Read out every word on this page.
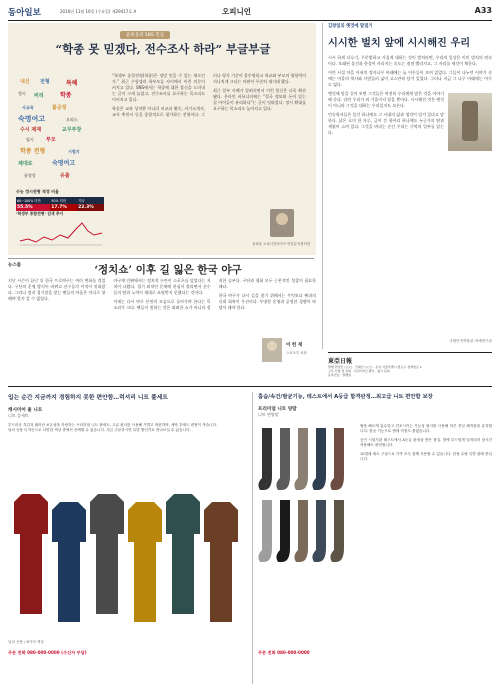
동아일보	2016년 11월 16일 (수요일) 제29417호 A	오피니언	A33
윤희웅의 SNS 민심
“학종 못 믿겠다, 전수조사 하라” 부글부글
내신 전형	특혜
정시 비리	학종
사교육	불공정
숙명여고	오피스
수시 제재	교무부장
입시 부모
학종 전형	시험지
제대로	숙명여고
공정성	유출
수능 정시전형 적정 비율
60~100% 미만	50% 미만	기타
55.5%	17.7%	22.3%
‘학생부 종합전형’ 검색 추이

“학생부 종합전형(학종)은 정말 믿을 수 있는 제도인가.” 최근 수험생과 학부모들 사이에서 이런 의문이 커지고 있다. SNS에서는 학종에 대한 불신을 드러내는 글이 크게 늘었고, 전수조사를 요구하는 목소리도 이어지고 있다.

학종은 교과 성적뿐 아니라 비교과 활동, 자기소개서, 교사 추천서 등을 종합적으로 평가하는 전형이다. 그러나 평가 기준이 불투명하고 학교와 부모의 영향력이 지나치게 크다는 비판이 꾸준히 제기돼 왔다.

최근 일부 사례가 알려지면서 이런 불신은 더욱 확산됐다. 온라인 커뮤니티에는 “결국 정보와 돈이 있는 집 아이들이 유리하다”는 글이 잇따랐다. 정시 확대를 요구하는 목소리도 높아지고 있다.

윤희웅 오피니언라이브 여론분석센터장
김창일의 옛것에 말걸기
시시한 벌치 앞에 시시해진 우리

시시 하게 다루기, 무분별하고 거칠게 대하는 것이 벌치라면, 우리의 일상은 이미 벌치의 연속이다. 오래된 물건과 풍경이 사라지는 속도는 점점 빨라지고, 그 자리를 새것이 채운다.

어린 시절 마을 어귀의 정자나무 아래에는 늘 어른들이 모여 있었다. 그들이 나누던 이야기 속에는 마을의 역사와 사람들의 삶이 고스란히 담겨 있었다. 그러나 지금 그 나무 아래에는 아무도 없다.

옛것에 말을 걸어 보면 그것들은 여전히 우리에게 많은 것을 이야기해 준다. 다만 우리가 귀 기울이지 않을 뿐이다. 시시해진 것은 옛것이 아니라 그것을 대하는 우리일지도 모른다.

민속학자들은 물건 하나에도 그 시대의 삶과 생각이 담겨 있다고 말한다. 낡은 호미 한 자루, 금이 간 항아리 하나에도 누군가의 땀과 세월이 스며 있다. 그것을 버리는 순간 우리는 기억의 일부를 잃는다.

국립민속박물관 학예연구관
뉴스룸	‘정치쇼’ 이후 길 잃은 한국 야구

지난 시즌이 끝난 뒤 한국 프로야구는 여러 변화를 겪었다. 구단의 운영 방식이 바뀌고 선수들의 이적이 잇따랐다. 그러나 정작 경기장을 찾는 팬들의 마음은 어디로 향해야 할지 알 수 없었다.

야구계 안팎에서는 정치적 논란이 스포츠를 덮었다는 지적이 나왔다. 경기 외적인 문제에 관심이 쏠리면서 선수들의 땀과 노력이 제대로 조명받지 못했다는 것이다.

이제는 다시 야구 본연의 모습으로 돌아가야 한다는 목소리가 크다. 팬들이 원하는 것은 화려한 쇼가 아니라 정직한 승부다. 구단과 협회 모두 근본적인 성찰이 필요한 때다.

한국 야구가 다시 길을 찾기 위해서는 무엇보다 팬과의 신뢰 회복이 우선이다. 투명한 운영과 공정한 경쟁이 바탕이 돼야 한다.

이 헌 재
스포츠부 차장
東亞日報
발행 편집인 ○○○ · 인쇄인 ○○○ · 본사 서울특별시 종로구 청계천로 1
구독 신청 및 문의 · 독자서비스센터 · 광고 문의
등록번호 · 발행일
입는 순간 지금까지 경험하지 못한 편안함…럭셔리 니트 풀세트
캐시미어 울 니트
니트 풀세트

부드러운 촉감과 뛰어난 보온성을 자랑하는 프리미엄 니트 풀세트. 고급 원사를 사용해 가볍고 따뜻하며, 세탁 후에도 변형이 적습니다.

남녀 공용 디자인으로 다양한 색상 중에서 선택할 수 있습니다. 지금 주문하시면 특별 할인가로 만나보실 수 있습니다.

남녀 공용 / 6가지 색상
주문 전화 080-000-0000 (수신자 부담)
흡습/속건/발균기능, 테스트에서 A등급 합격판정…최고급 니트 편안함 보장
프리미엄 니트 양말
니트 면양말

땀을 빠르게 흡수하고 건조시키는 기능성 원사를 사용해 하루 종일 쾌적함을 유지합니다. 항균 기능으로 냄새 걱정도 줄였습니다.

공인 시험기관 테스트에서 A등급 판정을 받은 품질. 발에 부드럽게 밀착되어 장시간 착용해도 편안합니다.

10켤레 세트 구성으로 가족 모두 함께 사용할 수 있습니다. 한정 수량 특별 판매 중입니다.

주문 전화 080-000-0000
